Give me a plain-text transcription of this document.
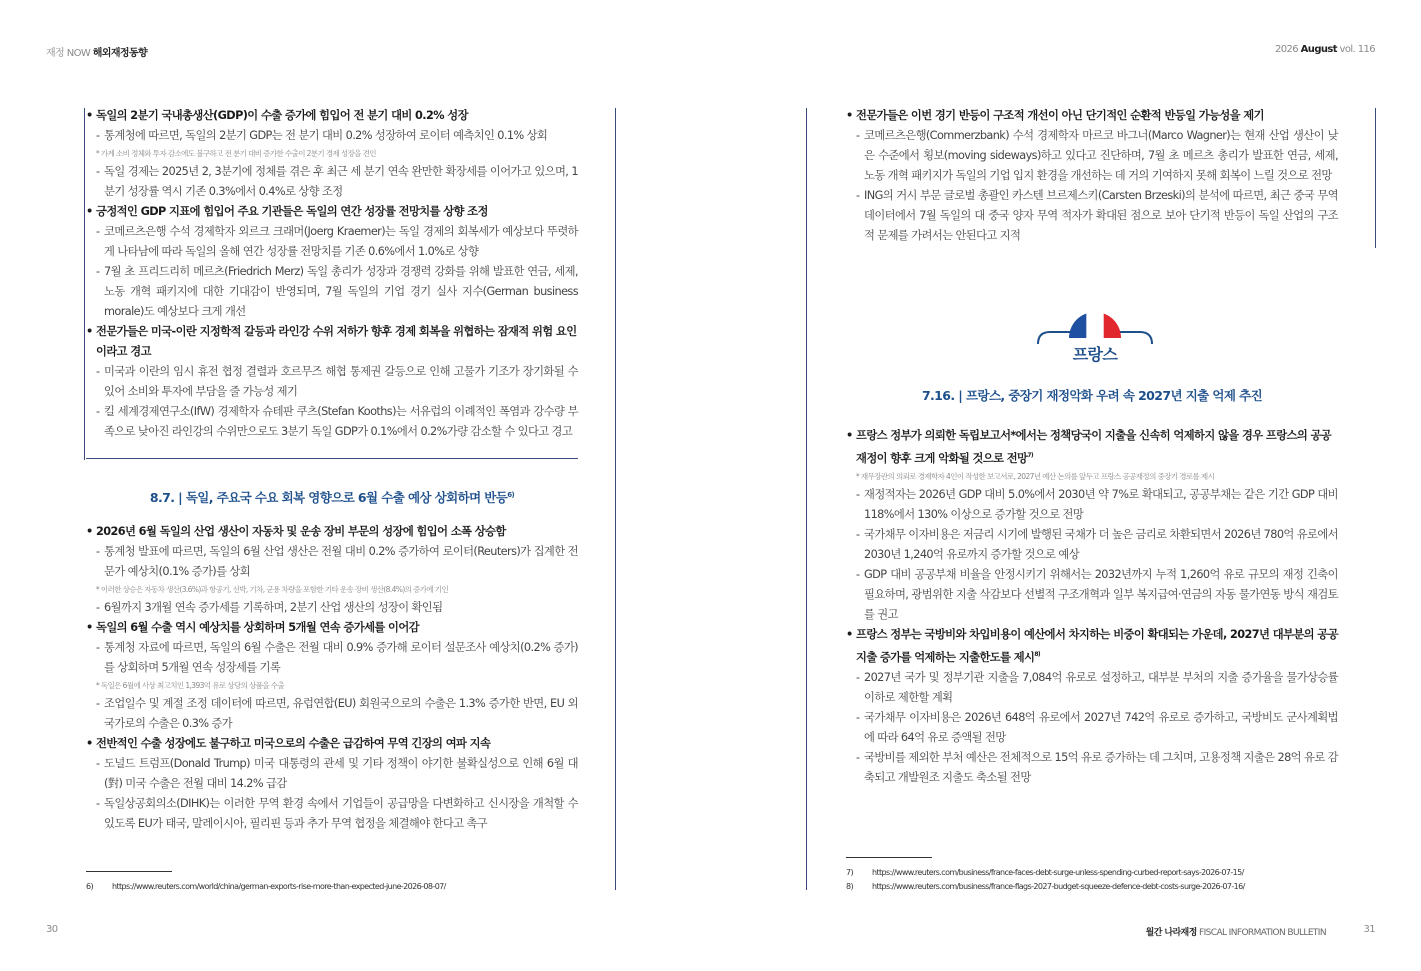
재정 NOW 해외재정동향	2026 August vol. 116
• 독일의 2분기 국내총생산(GDP)이 수출 증가에 힘입어 전 분기 대비 0.2% 성장
- 통계청에 따르면, 독일의 2분기 GDP는 전 분기 대비 0.2% 성장하여 로이터 예측치인 0.1% 상회
* 가계 소비 정체와 투자 감소에도 불구하고 전 분기 대비 증가한 수출이 2분기 경제 성장을 견인
- 독일 경제는 2025년 2, 3분기에 정체를 겪은 후 최근 세 분기 연속 완만한 확장세를 이어가고 있으며, 1분기 성장률 역시 기존 0.3%에서 0.4%로 상향 조정
• 긍정적인 GDP 지표에 힘입어 주요 기관들은 독일의 연간 성장률 전망치를 상향 조정
- 코메르츠은행 수석 경제학자 외르크 크래머(Joerg Kraemer)는 독일 경제의 회복세가 예상보다 뚜렷하게 나타남에 따라 독일의 올해 연간 성장률 전망치를 기존 0.6%에서 1.0%로 상향
- 7월 초 프리드리히 메르츠(Friedrich Merz) 독일 총리가 성장과 경쟁력 강화를 위해 발표한 연금, 세제, 노동 개혁 패키지에 대한 기대감이 반영되며, 7월 독일의 기업 경기 실사 지수(German business morale)도 예상보다 크게 개선
• 전문가들은 미국-이란 지정학적 갈등과 라인강 수위 저하가 향후 경제 회복을 위협하는 잠재적 위험 요인이라고 경고
- 미국과 이란의 임시 휴전 협정 결렬과 호르무즈 해협 통제권 갈등으로 인해 고물가 기조가 장기화될 수 있어 소비와 투자에 부담을 줄 가능성 제기
- 킬 세계경제연구소(IfW) 경제학자 슈테판 쿠츠(Stefan Kooths)는 서유럽의 이례적인 폭염과 강수량 부족으로 낮아진 라인강의 수위만으로도 3분기 독일 GDP가 0.1%에서 0.2%가량 감소할 수 있다고 경고
8.7. | 독일, 주요국 수요 회복 영향으로 6월 수출 예상 상회하며 반등$^{6)}$
• 2026년 6월 독일의 산업 생산이 자동차 및 운송 장비 부문의 성장에 힘입어 소폭 상승함
- 통계청 발표에 따르면, 독일의 6월 산업 생산은 전월 대비 0.2% 증가하여 로이터(Reuters)가 집계한 전문가 예상치(0.1% 증가)를 상회
* 이러한 상승은 자동차 생산(3.6%)과 항공기, 선박, 기차, 군용 차량을 포함한 기타 운송 장비 생산(8.4%)의 증가에 기인
- 6월까지 3개월 연속 증가세를 기록하며, 2분기 산업 생산의 성장이 확인됨
• 독일의 6월 수출 역시 예상치를 상회하며 5개월 연속 증가세를 이어감
- 통계청 자료에 따르면, 독일의 6월 수출은 전월 대비 0.9% 증가해 로이터 설문조사 예상치(0.2% 증가)를 상회하며 5개월 연속 성장세를 기록
* 독일은 6월에 사상 최고치인 1,393억 유로 상당의 상품을 수출
- 조업일수 및 계절 조정 데이터에 따르면, 유럽연합(EU) 회원국으로의 수출은 1.3% 증가한 반면, EU 외 국가로의 수출은 0.3% 증가
• 전반적인 수출 성장에도 불구하고 미국으로의 수출은 급감하여 무역 긴장의 여파 지속
- 도널드 트럼프(Donald Trump) 미국 대통령의 관세 및 기타 정책이 야기한 불확실성으로 인해 6월 대(對) 미국 수출은 전월 대비 14.2% 급감
- 독일상공회의소(DIHK)는 이러한 무역 환경 속에서 기업들이 공급망을 다변화하고 신시장을 개척할 수 있도록 EU가 태국, 말레이시아, 필리핀 등과 추가 무역 협정을 체결해야 한다고 촉구
6) https://www.reuters.com/world/china/german-exports-rise-more-than-expected-june-2026-08-07/
• 전문가들은 이번 경기 반등이 구조적 개선이 아닌 단기적인 순환적 반등일 가능성을 제기
- 코메르츠은행(Commerzbank) 수석 경제학자 마르코 바그너(Marco Wagner)는 현재 산업 생산이 낮은 수준에서 횡보(moving sideways)하고 있다고 진단하며, 7월 초 메르츠 총리가 발표한 연금, 세제, 노동 개혁 패키지가 독일의 기업 입지 환경을 개선하는 데 거의 기여하지 못해 회복이 느릴 것으로 전망
- ING의 거시 부문 글로벌 총괄인 카스텐 브르제스키(Carsten Brzeski)의 분석에 따르면, 최근 중국 무역 데이터에서 7월 독일의 대 중국 양자 무역 적자가 확대된 점으로 보아 단기적 반등이 독일 산업의 구조적 문제를 가려서는 안된다고 지적
프랑스
7.16. | 프랑스, 중장기 재정악화 우려 속 2027년 지출 억제 추진
• 프랑스 정부가 의뢰한 독립보고서*에서는 정책당국이 지출을 신속히 억제하지 않을 경우 프랑스의 공공재정이 향후 크게 악화될 것으로 전망$^{7)}$
* 재무장관의 의뢰로 경제학자 4인이 작성한 보고서로, 2027년 예산 논의를 앞두고 프랑스 공공재정의 중장기 경로를 제시
- 재정적자는 2026년 GDP 대비 5.0%에서 2030년 약 7%로 확대되고, 공공부채는 같은 기간 GDP 대비 118%에서 130% 이상으로 증가할 것으로 전망
- 국가채무 이자비용은 저금리 시기에 발행된 국채가 더 높은 금리로 차환되면서 2026년 780억 유로에서 2030년 1,240억 유로까지 증가할 것으로 예상
- GDP 대비 공공부채 비율을 안정시키기 위해서는 2032년까지 누적 1,260억 유로 규모의 재정 긴축이 필요하며, 광범위한 지출 삭감보다 선별적 구조개혁과 일부 복지급여·연금의 자동 물가연동 방식 재검토를 권고
• 프랑스 정부는 국방비와 차입비용이 예산에서 차지하는 비중이 확대되는 가운데, 2027년 대부분의 공공지출 증가를 억제하는 지출한도를 제시$^{8)}$
- 2027년 국가 및 정부기관 지출을 7,084억 유로로 설정하고, 대부분 부처의 지출 증가율을 물가상승률 이하로 제한할 계획
- 국가채무 이자비용은 2026년 648억 유로에서 2027년 742억 유로로 증가하고, 국방비도 군사계획법에 따라 64억 유로 증액될 전망
- 국방비를 제외한 부처 예산은 전체적으로 15억 유로 증가하는 데 그치며, 고용정책 지출은 28억 유로 감축되고 개발원조 지출도 축소될 전망
7) https://www.reuters.com/business/france-faces-debt-surge-unless-spending-curbed-report-says-2026-07-15/
8) https://www.reuters.com/business/france-flags-2027-budget-squeeze-defence-debt-costs-surge-2026-07-16/
30	월간 나라재정 FISCAL INFORMATION BULLETIN	31
